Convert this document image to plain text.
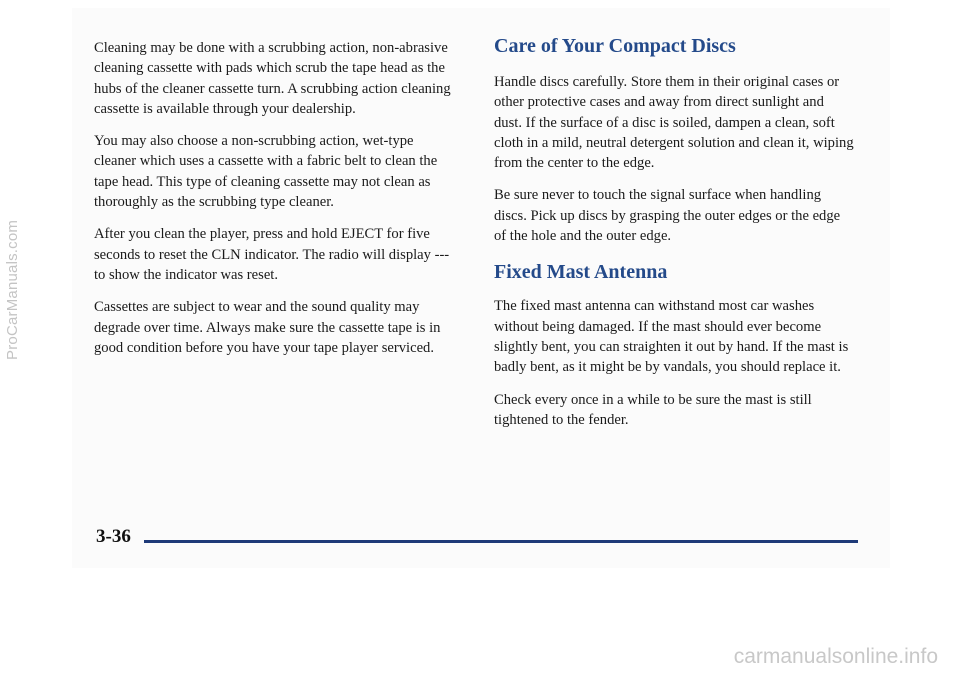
Cleaning may be done with a scrubbing action, non-abrasive cleaning cassette with pads which scrub the tape head as the hubs of the cleaner cassette turn. A scrubbing action cleaning cassette is available through your dealership.

You may also choose a non-scrubbing action, wet-type cleaner which uses a cassette with a fabric belt to clean the tape head. This type of cleaning cassette may not clean as thoroughly as the scrubbing type cleaner.

After you clean the player, press and hold EJECT for five seconds to reset the CLN indicator. The radio will display --- to show the indicator was reset.

Cassettes are subject to wear and the sound quality may degrade over time. Always make sure the cassette tape is in good condition before you have your tape player serviced.

Care of Your Compact Discs

Handle discs carefully. Store them in their original cases or other protective cases and away from direct sunlight and dust. If the surface of a disc is soiled, dampen a clean, soft cloth in a mild, neutral detergent solution and clean it, wiping from the center to the edge.

Be sure never to touch the signal surface when handling discs. Pick up discs by grasping the outer edges or the edge of the hole and the outer edge.

Fixed Mast Antenna

The fixed mast antenna can withstand most car washes without being damaged. If the mast should ever become slightly bent, you can straighten it out by hand. If the mast is badly bent, as it might be by vandals, you should replace it.

Check every once in a while to be sure the mast is still tightened to the fender.

3-36
ProCarManuals.com
carmanualsonline.info
